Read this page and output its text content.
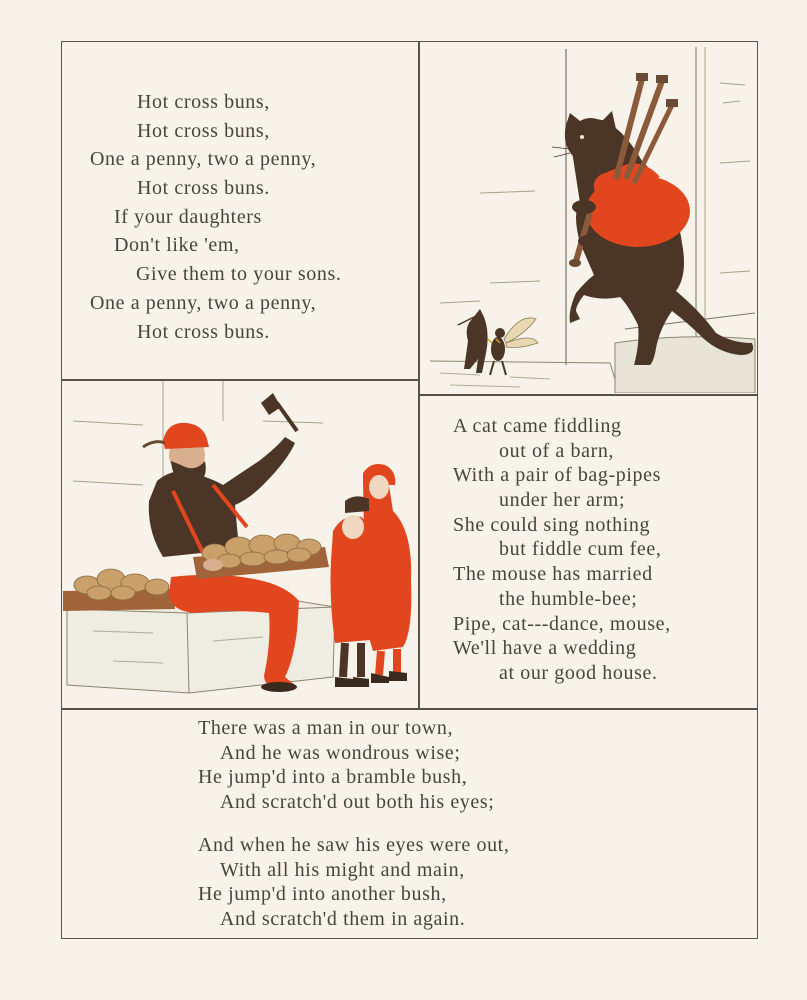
Hot cross buns,
Hot cross buns,
One a penny, two a penny,
Hot cross buns.
If your daughters
Don't like 'em,
Give them to your sons.
One a penny, two a penny,
Hot cross buns.
A cat came fiddling
out of a barn,
With a pair of bag-pipes
under her arm;
She could sing nothing
but fiddle cum fee,
The mouse has married
the humble-bee;
Pipe, cat---dance, mouse,
We'll have a wedding
at our good house.
There was a man in our town,
And he was wondrous wise;
He jump'd into a bramble bush,
And scratch'd out both his eyes;
And when he saw his eyes were out,
With all his might and main,
He jump'd into another bush,
And scratch'd them in again.
